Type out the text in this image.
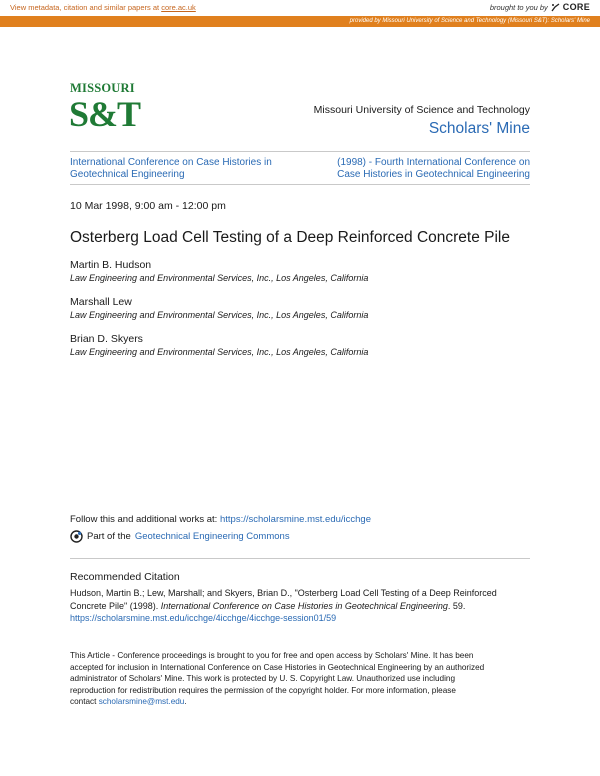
View metadata, citation and similar papers at core.ac.uk	brought to you by CORE
provided by Missouri University of Science and Technology (Missouri S&T): Scholars' Mine
MISSOURI
S&T	Missouri University of Science and Technology
Scholars' Mine
International Conference on Case Histories in
Geotechnical Engineering
(1998) - Fourth International Conference on
Case Histories in Geotechnical Engineering
10 Mar 1998, 9:00 am - 12:00 pm
Osterberg Load Cell Testing of a Deep Reinforced Concrete Pile
Martin B. Hudson
Law Engineering and Environmental Services, Inc., Los Angeles, California
Marshall Lew
Law Engineering and Environmental Services, Inc., Los Angeles, California
Brian D. Skyers
Law Engineering and Environmental Services, Inc., Los Angeles, California
Follow this and additional works at: https://scholarsmine.mst.edu/icchge
Part of the Geotechnical Engineering Commons
Recommended Citation
Hudson, Martin B.; Lew, Marshall; and Skyers, Brian D., "Osterberg Load Cell Testing of a Deep Reinforced
Concrete Pile" (1998). International Conference on Case Histories in Geotechnical Engineering. 59.
https://scholarsmine.mst.edu/icchge/4icchge/4icchge-session01/59
This Article - Conference proceedings is brought to you for free and open access by Scholars' Mine. It has been
accepted for inclusion in International Conference on Case Histories in Geotechnical Engineering by an authorized
administrator of Scholars' Mine. This work is protected by U. S. Copyright Law. Unauthorized use including
reproduction for redistribution requires the permission of the copyright holder. For more information, please
contact scholarsmine@mst.edu.
